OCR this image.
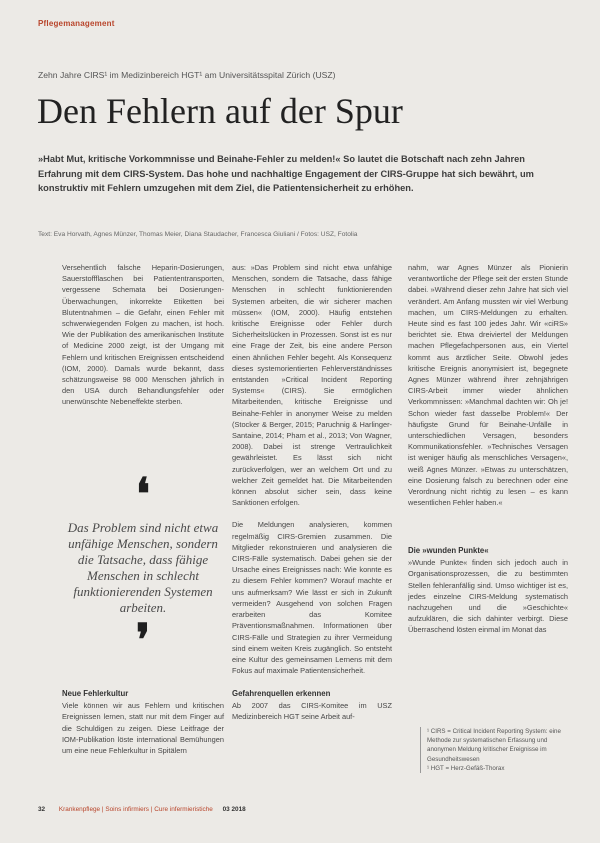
Pflegemanagement
Zehn Jahre CIRS¹ im Medizinbereich HGT¹ am Universitätsspital Zürich (USZ)
Den Fehlern auf der Spur

»Habt Mut, kritische Vorkommnisse und Beinahe-Fehler zu melden!« So lautet die Botschaft nach zehn Jahren Erfahrung mit dem CIRS-System. Das hohe und nachhaltige Engagement der CIRS-Gruppe hat sich bewährt, um konstruktiv mit Fehlern umzugehen mit dem Ziel, die Patientensicherheit zu erhöhen.

Text: Eva Horvath, Agnes Münzer, Thomas Meier, Diana Staudacher, Francesca Giuliani / Fotos: USZ, Fotolia

Versehentlich falsche Heparin-Dosierungen, Sauerstoffflaschen bei Patiententransporten, vergessene Schemata bei Dosierungen-Überwachungen, inkorrekte Etiketten bei Blutentnahmen – die Gefahr, einen Fehler mit schwerwiegenden Folgen zu machen, ist hoch. Wie der Publikation des amerikanischen Institute of Medicine 2000 zeigt, ist der Umgang mit Fehlern und kritischen Ereignissen entscheidend (IOM, 2000). Damals wurde bekannt, dass schätzungsweise 98 000 Menschen jährlich in den USA durch Behandlungsfehler oder unerwünschte Nebeneffekte sterben.

❛

Das Problem sind nicht etwa unfähige Menschen, sondern die Tatsache, dass fähige Menschen in schlecht funktionierenden Systemen arbeiten.

❜
Neue Fehlerkultur

Viele können wir aus Fehlern und kritischen Ereignissen lernen, statt nur mit dem Finger auf die Schuldigen zu zeigen. Diese Leitfrage der IOM-Publikation löste international Bemühungen um eine neue Fehlerkultur in Spitälern

aus: »Das Problem sind nicht etwa unfähige Menschen, sondern die Tatsache, dass fähige Menschen in schlecht funktionierenden Systemen arbeiten, die wir sicherer machen müssen« (IOM, 2000). Häufig entstehen kritische Ereignisse oder Fehler durch Sicherheitslücken in Prozessen. Sonst ist es nur eine Frage der Zeit, bis eine andere Person einen ähnlichen Fehler begeht. Als Konsequenz dieses systemorientierten Fehlerverständnisses entstanden »Critical Incident Reporting Systems« (CIRS). Sie ermöglichen Mitarbeitenden, kritische Ereignisse und Beinahe-Fehler in anonymer Weise zu melden (Stocker & Berger, 2015; Paruchnig & Harlinger-Santaine, 2014; Pham et al., 2013; Von Wagner, 2008). Dabei ist strenge Vertraulichkeit gewährleistet. Es lässt sich nicht zurückverfolgen, wer an welchem Ort und zu welcher Zeit gemeldet hat. Die Mitarbeitenden können absolut sicher sein, dass keine Sanktionen erfolgen.

Die Meldungen analysieren, kommen regelmäßig CIRS-Gremien zusammen. Die Mitglieder rekonstruieren und analysieren die CIRS-Fälle systematisch. Dabei gehen sie der Ursache eines Ereignisses nach: Wie konnte es zu diesem Fehler kommen? Worauf machte er uns aufmerksam? Wie lässt er sich in Zukunft vermeiden? Ausgehend von solchen Fragen erarbeiten das Komitee Präventionsmaßnahmen. Informationen über CIRS-Fälle und Strategien zu ihrer Vermeidung sind einem weiten Kreis zugänglich. So entsteht eine Kultur des gemeinsamen Lernens mit dem Fokus auf maximale Patientensicherheit.

Gefahrenquellen erkennen

Ab 2007 das CIRS-Komitee im USZ Medizinbereich HGT seine Arbeit auf-

nahm, war Agnes Münzer als Pionierin verantwortliche der Pflege seit der ersten Stunde dabei. »Während dieser zehn Jahre hat sich viel verändert. Am Anfang mussten wir viel Werbung machen, um CIRS-Meldungen zu erhalten. Heute sind es fast 100 jedes Jahr. Wir «ciRS» berichtet sie. Etwa dreiviertel der Meldungen machen Pflegefachpersonen aus, ein Viertel kommt aus ärztlicher Seite. Obwohl jedes kritische Ereignis anonymisiert ist, begegnete Agnes Münzer während ihrer zehnjährigen CIRS-Arbeit immer wieder ähnlichen Verkommnissen: »Manchmal dachten wir: Oh je! Schon wieder fast dasselbe Problem!« Der häufigste Grund für Beinahe-Unfälle in unterschiedlichen Versagen, besonders Kommunikationsfehler. »Technisches Versagen ist weniger häufig als menschliches Versagen«, weiß Agnes Münzer. »Etwas zu unterschätzen, eine Dosierung falsch zu berechnen oder eine Verordnung nicht richtig zu lesen – es kann wesentlichen Fehler haben.«

Die »wunden Punkte«

»Wunde Punkte« finden sich jedoch auch in Organisationsprozessen, die zu bestimmten Stellen fehleranfällig sind. Umso wichtiger ist es, jedes einzelne CIRS-Meldung systematisch nachzugehen und die »Geschichte« aufzuklären, die sich dahinter verbirgt. Diese Überraschend lösten einmal im Monat das

¹ CIRS = Critical Incident Reporting System: eine Methode zur systematischen Erfassung und anonymen Meldung kritischer Ereignisse im Gesundheitswesen
¹ HGT = Herz-Gefäß-Thorax
32 Krankenpflege | Soins infirmiers | Cure infermieristiche 03 2018
